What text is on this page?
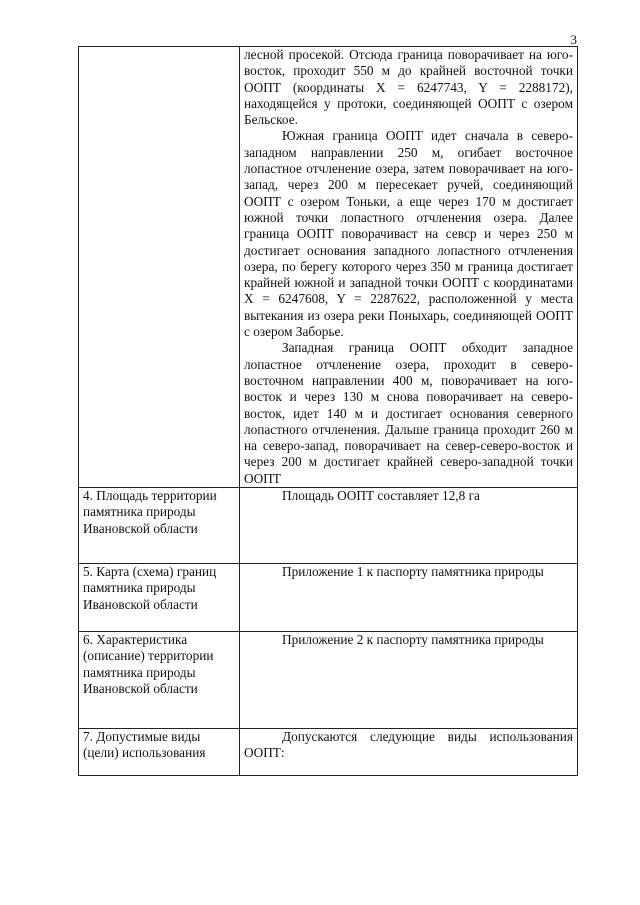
3

	лесной просекой. Отсюда граница поворачивает на юго-восток, проходит 550 м до крайней восточной точки ООПТ (координаты X = 6247743, Y = 2288172), находящейся у протоки, соединяющей ООПТ с озером Бельское.

Южная граница ООПТ идет сначала в северо-западном направлении 250 м, огибает восточное лопастное отчленение озера, затем поворачивает на юго-запад, через 200 м пересекает ручей, соединяющий ООПТ с озером Тоньки, а еще через 170 м достигает южной точки лопастного отчленения озера. Далее граница ООПТ поворачиваст на севср и через 250 м достигает основания западного лопастного отчленения озера, по берегу которого через 350 м граница достигает крайней южной и западной точки ООПТ с координатами X = 6247608, Y = 2287622, расположенной у места вытекания из озера реки Поныхарь, соединяющей ООПТ с озером Заборье.

Западная граница ООПТ обходит западное лопастное отчленение озера, проходит в северо-восточном направлении 400 м, поворачивает на юго-восток и через 130 м снова поворачивает на северо-восток, идет 140 м и достигает основания северного лопастного отчленения. Дальше граница проходит 260 м на северо-запад, поворачивает на север-северо-восток и через 200 м достигает крайней северо-западной точки ООПТ

4. Площадь территории памятника природы Ивановской области	Площадь ООПТ составляет 12,8 га

5. Карта (схема) границ памятника природы Ивановской области	Приложение 1 к паспорту памятника природы

6. Характеристика (описание) территории памятника природы Ивановской области	Приложение 2 к паспорту памятника природы

7. Допустимые виды (цели) использования	Допускаются следующие виды использования ООПТ:
